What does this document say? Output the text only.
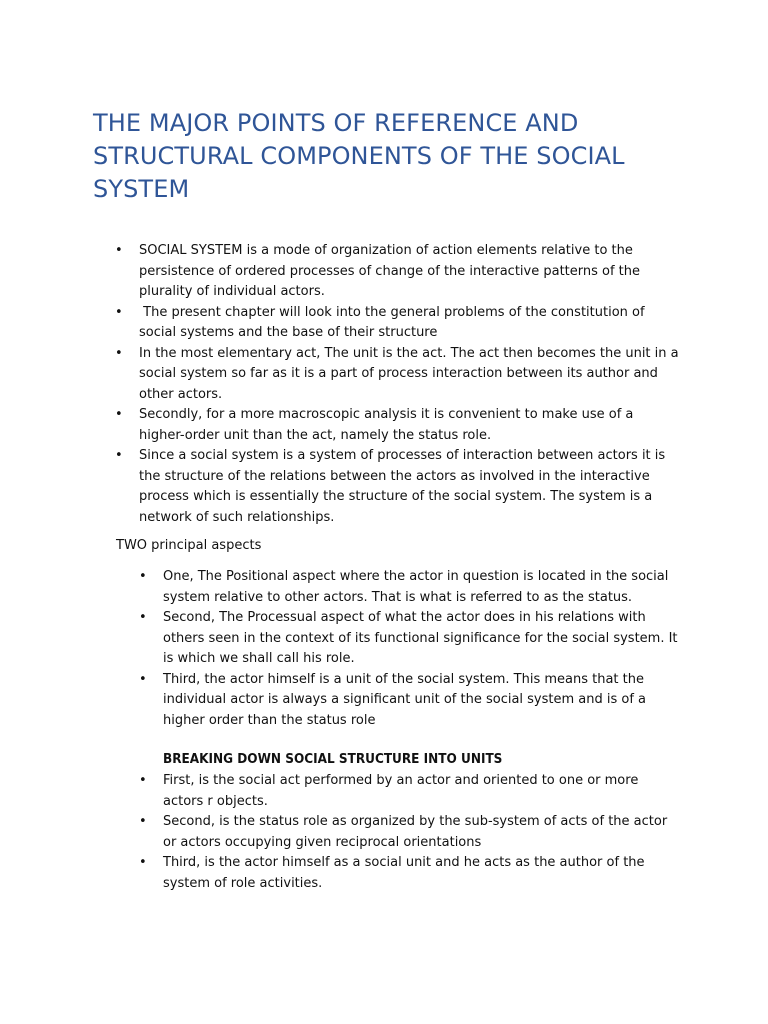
THE MAJOR POINTS OF REFERENCE AND STRUCTURAL COMPONENTS OF THE SOCIAL SYSTEM
• SOCIAL SYSTEM is a mode of organization of action elements relative to the persistence of ordered processes of change of the interactive patterns of the plurality of individual actors.
• The present chapter will look into the general problems of the constitution of social systems and the base of their structure
• In the most elementary act, The unit is the act. The act then becomes the unit in a social system so far as it is a part of process interaction between its author and other actors.
• Secondly, for a more macroscopic analysis it is convenient to make use of a higher-order unit than the act, namely the status role.
• Since a social system is a system of processes of interaction between actors it is the structure of the relations between the actors as involved in the interactive process which is essentially the structure of the social system. The system is a network of such relationships.

TWO principal aspects

• One, The Positional aspect where the actor in question is located in the social system relative to other actors. That is what is referred to as the status.
• Second, The Processual aspect of what the actor does in his relations with others seen in the context of its functional significance for the social system. It is which we shall call his role.
• Third, the actor himself is a unit of the social system. This means that the individual actor is always a significant unit of the social system and is of a higher order than the status role

BREAKING DOWN SOCIAL STRUCTURE INTO UNITS

• First, is the social act performed by an actor and oriented to one or more actors r objects.
• Second, is the status role as organized by the sub-system of acts of the actor or actors occupying given reciprocal orientations
• Third, is the actor himself as a social unit and he acts as the author of the system of role activities.
